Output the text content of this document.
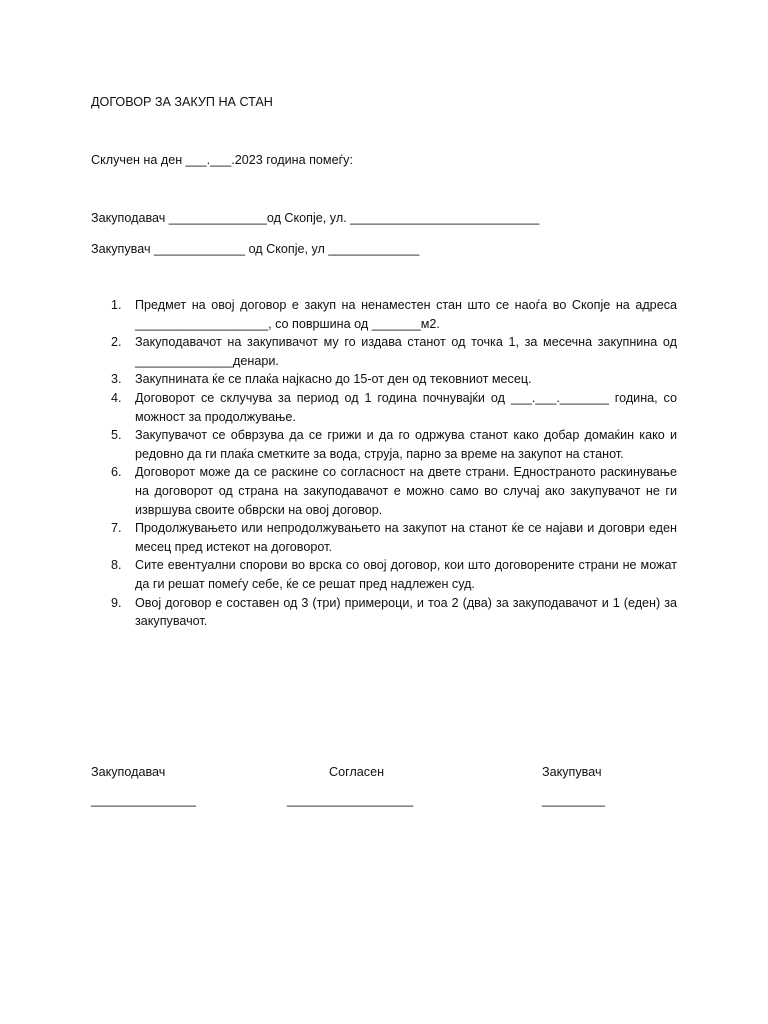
ДОГОВОР ЗА ЗАКУП НА СТАН
Склучен на ден ___.___.2023 година помеѓу:
Закуподавач ______________од Скопје, ул. ___________________________
Закупувач _____________ од Скопје, ул _____________
1. Предмет на овој договор е закуп на ненаместен стан што се наоѓа во Скопје на адреса ___________________, со површина од _______м2.
2. Закуподавачот на закупивачот му го издава станот од точка 1, за месечна закупнина од ______________денари.
3. Закупнината ќе се плаќа најкасно до 15-от ден од тековниот месец.
4. Договорот се склучува за период од 1 година почнувајќи од ___.___._______ година, со можност за продолжување.
5. Закупувачот се обврзува да се грижи и да го одржува станот како добар домаќин како и редовно да ги плаќа сметките за вода, струја, парно за време на закупот на станот.
6. Договорот може да се раскине со согласност на двете страни. Едностраното раскинување на договорот од страна на закуподавачот е можно само во случај ако закупувачот не ги извршува своите обврски на овој договор.
7. Продолжувањето или непродолжувањето на закупот на станот ќе се најави и договри еден месец пред истекот на договорот.
8. Сите евентуални спорови во врска со овој договор, кои што договорените страни не можат да ги решат помеѓу себе, ќе се решат пред надлежен суд.
9. Овој договор е составен од 3 (три) примероци, и тоа 2 (два) за закуподавачот и 1 (еден) за закупувачот.
Закуподавач	Согласен	Закупувач
_______________	__________________	_________
